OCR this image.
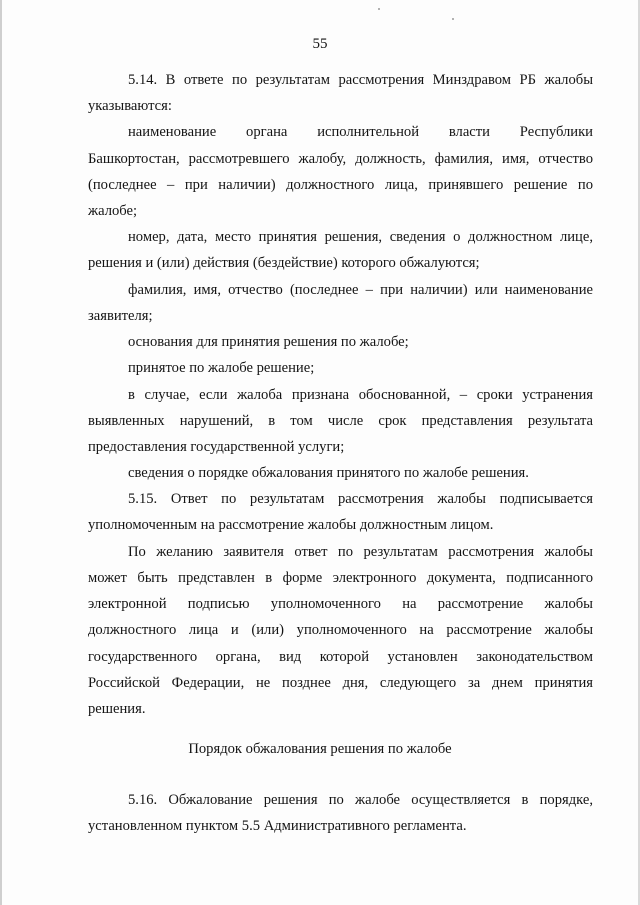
55
5.14. В ответе по результатам рассмотрения Минздравом РБ жалобы
указываются:
наименование органа исполнительной власти Республики
Башкортостан, рассмотревшего жалобу, должность, фамилия, имя, отчество
(последнее – при наличии) должностного лица, принявшего решение по
жалобе;
номер, дата, место принятия решения, сведения о должностном лице,
решения и (или) действия (бездействие) которого обжалуются;
фамилия, имя, отчество (последнее – при наличии) или наименование
заявителя;
основания для принятия решения по жалобе;
принятое по жалобе решение;
в случае, если жалоба признана обоснованной, – сроки устранения
выявленных нарушений, в том числе срок представления результата
предоставления государственной услуги;
сведения о порядке обжалования принятого по жалобе решения.
5.15. Ответ по результатам рассмотрения жалобы подписывается
уполномоченным на рассмотрение жалобы должностным лицом.
По желанию заявителя ответ по результатам рассмотрения жалобы
может быть представлен в форме электронного документа, подписанного
электронной подписью уполномоченного на рассмотрение жалобы
должностного лица и (или) уполномоченного на рассмотрение жалобы
государственного органа, вид которой установлен законодательством
Российской Федерации, не позднее дня, следующего за днем принятия
решения.
Порядок обжалования решения по жалобе
5.16. Обжалование решения по жалобе осуществляется в порядке,
установленном пунктом 5.5 Административного регламента.
